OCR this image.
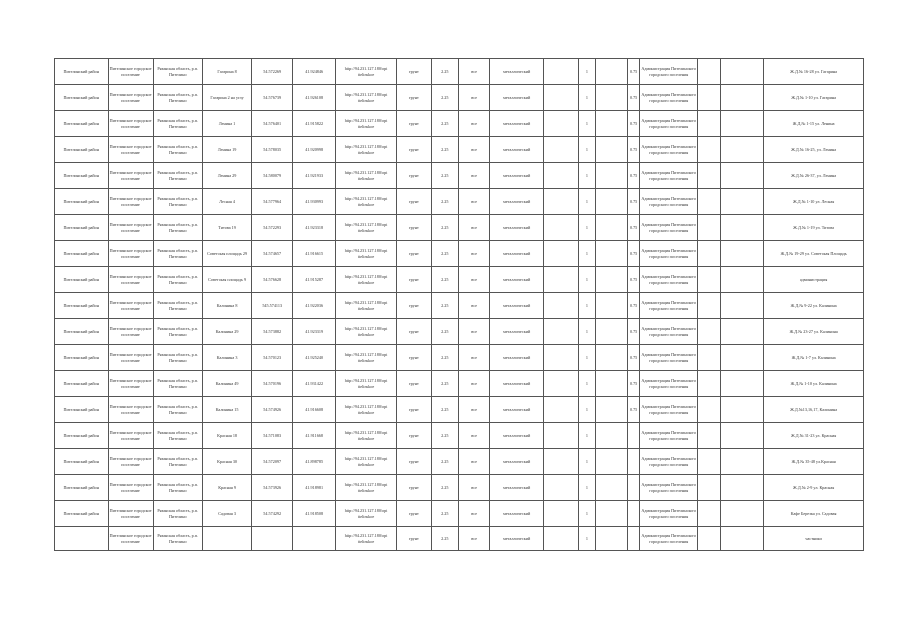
Пителинский район	Пителинское городское поселение	Рязанская область, р.п. Пителино	Гагарина 8	54.572269	41.924846	http://94.231.127.180/opi ttelinskoe	грунт	2.25	все	металлический		1		0.75	Администрация Пителинского городского поселения			Ж.Д.№ 16-28 ул. Гагарина
Пителинский район	Пителинское городское поселение	Рязанская область, р.п. Пителино	Гагарина 2 на углу	54.576739	41.926108	http://94.231.127.180/opi ttelinskoe	грунт	2.25	все	металлический		1		0.75	Администрация Пителинского городского поселения			Ж.Д.№ 1-10 ул. Гагарина
Пителинский район	Пителинское городское поселение	Рязанская область, р.п. Пителино	Ленина 1	54.576401	41.915822	http://94.231.127.180/opi ttelinskoe	грунт	2.25	все	металлический		1		0.75	Администрация Пителинского городского поселения			Ж.Д.№ 1-15 ул. Ленина
Пителинский район	Пителинское городское поселение	Рязанская область, р.п. Пителино	Ленина 19	54.578035	41.920998	http://94.231.127.180/opi ttelinskoe	грунт	2.25	все	металлический		1		0.75	Администрация Пителинского городского поселения			Ж.Д.№ 16-25, ул. Ленина
Пителинский район	Пителинское городское поселение	Рязанская область, р.п. Пителино	Ленина 29	54.580079	41.921933	http://94.231.127.180/opi ttelinskoe	грунт	2.25	все	металлический		1		0.75	Администрация Пителинского городского поселения			Ж.Д.№ 26-37, ул. Ленина
Пителинский район	Пителинское городское поселение	Рязанская область, р.п. Пителино	Лесная 4	54.577964	41.930993	http://94.231.127.180/opi ttelinskoe	грунт	2.25	все	металлический		1		0.75	Администрация Пителинского городского поселения			Ж.Д.№ 1-10 ул. Лесная
Пителинский район	Пителинское городское поселение	Рязанская область, р.п. Пителино	Титова 19	54.572293	41.923318	http://94.231.127.180/opi ttelinskoe	грунт	2.25	все	металлический		1		0.75	Администрация Пителинского городского поселения			Ж.Д.№ 1-19 ул. Титова
Пителинский район	Пителинское городское поселение	Рязанская область, р.п. Пителино	Советская площадь 29	54.574657	41.916615	http://94.231.127.180/opi ttelinskoe	грунт	2.25	все	металлический		1		0.75	Администрация Пителинского городского поселения			Ж.Д.№ 19-29 ул. Советская Площадь
Пителинский район	Пителинское городское поселение	Рязанская область, р.п. Пителино	Советская площадь 9	54.576628	41.915287	http://94.231.127.180/opi ttelinskoe	грунт	2.25	все	металлический		1		0.75	Администрация Пителинского городского поселения			администрация
Пителинский район	Пителинское городское поселение	Рязанская область, р.п. Пителино	Калинина 8	545.574113	41.922036	http://94.231.127.180/opi ttelinskoe	грунт	2.25	все	металлический		1		0.75	Администрация Пителинского городского поселения			Ж.Д.№ 9-22 ул. Калинина
Пителинский район	Пителинское городское поселение	Рязанская область, р.п. Пителино	Калинина 29	54.573882	41.923319	http://94.231.127.180/opi ttelinskoe	грунт	2.25	все	металлический		1		0.75	Администрация Пителинского городского поселения			Ж.Д.№ 23-27 ул. Калинина
Пителинский район	Пителинское городское поселение	Рязанская область, р.п. Пителино	Калинина 3	54.570123	41.925240	http://94.231.127.180/opi ttelinskoe	грунт	2.25	все	металлический		1		0.75	Администрация Пителинского городского поселения			Ж.Д.№ 1-7 ул. Калинина
Пителинский район	Пителинское городское поселение	Рязанская область, р.п. Пителино	Калинина 49	54.570196	41.931422	http://94.231.127.180/opi ttelinskoe	грунт	2.25	все	металлический		1		0.75	Администрация Пителинского городского поселения			Ж.Д.№ 1-10 ул. Калинина
Пителинский район	Пителинское городское поселение	Рязанская область, р.п. Пителино	Калинина 15	54.574926	41.916608	http://94.231.127.180/opi ttelinskoe	грунт	2.25	все	металлический		1		0.75	Администрация Пителинского городского поселения			Ж.Д.№13,16,17, Калинина
Пителинский район	Пителинское городское поселение	Рязанская область, р.п. Пителино	Красная 18	54.571083	41.911668	http://94.231.127.180/opi ttelinskoe	грунт	2.25	все	металлический		1			Администрация Пителинского городского поселения			Ж.Д.№ 31-23 ул. Красная
Пителинский район	Пителинское городское поселение	Рязанская область, р.п. Пителино	Красная 30	54.572097	41.898785	http://94.231.127.180/opi ttelinskoe	грунт	2.25	все	металлический		1			Администрация Пителинского городского поселения			Ж.Д.№ 35-48 ул.Красная
Пителинский район	Пителинское городское поселение	Рязанская область, р.п. Пителино	Красная 9	54.573926	41.918981	http://94.231.127.180/opi ttelinskoe	грунт	2.25	все	металлический		1			Администрация Пителинского городского поселения			Ж.Д.№ 2-9 ул. Красная
Пителинский район	Пителинское городское поселение	Рязанская область, р.п. Пителино	Садовая 3	54.574292	41.918508	http://94.231.127.180/opi ttelinskoe	грунт	2.25	все	металлический		1			Администрация Пителинского городского поселения			Кафе Березка ул. Садовая
	Пителинское городское поселение	Рязанская область, р.п. Пителино				http://94.231.127.180/opi ttelinskoe	грунт	2.25	все	металлический		1			Администрация Пителинского городского поселения			частники
